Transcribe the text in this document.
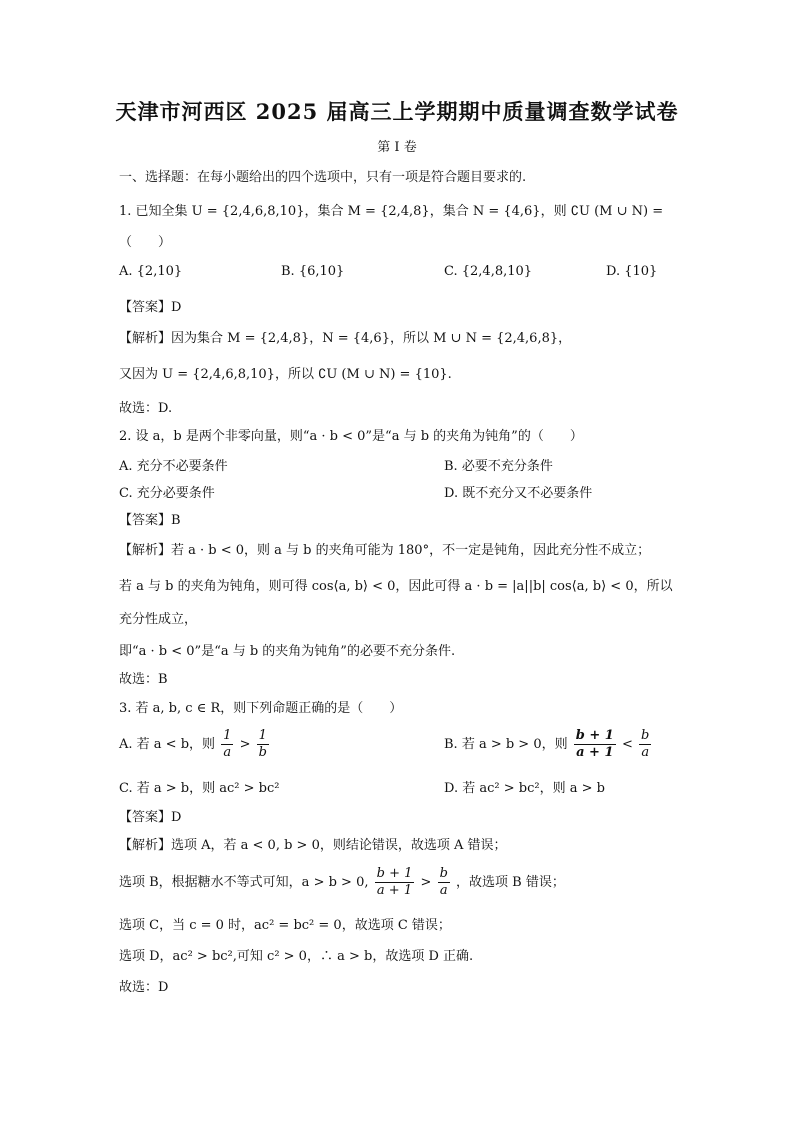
天津市河西区 2025 届高三上学期期中质量调查数学试卷
第 I 卷
一、选择题：在每小题给出的四个选项中，只有一项是符合题目要求的.
1. 已知全集 U = {2,4,6,8,10}，集合 M = {2,4,8}，集合 N = {4,6}，则 ∁U (M ∪ N) =
（　　）
A. {2,10}	B. {6,10}	C. {2,4,8,10}	D. {10}
【答案】D
【解析】因为集合 M = {2,4,8}，N = {4,6}，所以 M ∪ N = {2,4,6,8}，
又因为 U = {2,4,6,8,10}，所以 ∁U (M ∪ N) = {10}.
故选：D.
2. 设 a，b 是两个非零向量，则“a · b < 0”是“a 与 b 的夹角为钝角”的（　　）
A. 充分不必要条件	B. 必要不充分条件
C. 充分必要条件	D. 既不充分又不必要条件
【答案】B
【解析】若 a · b < 0，则 a 与 b 的夹角可能为 180°，不一定是钝角，因此充分性不成立；
若 a 与 b 的夹角为钝角，则可得 cos⟨a, b⟩ < 0，因此可得 a · b = |a||b| cos⟨a, b⟩ < 0，所以
充分性成立，
即“a · b < 0”是“a 与 b 的夹角为钝角”的必要不充分条件.
故选：B
3. 若 a, b, c ∈ R，则下列命题正确的是（　　）
A. 若 a < b，则 $\frac{1}{a} > \frac{1}{b}$	B. 若 a > b > 0，则 $\frac{b + 1}{a + 1} < \frac{b}{a}$
C. 若 a > b，则 ac² > bc²	D. 若 ac² > bc²，则 a > b
【答案】D
【解析】选项 A，若 a < 0, b > 0，则结论错误，故选项 A 错误；
选项 B，根据糖水不等式可知，a > b > 0, $\frac{b + 1}{a + 1} > \frac{b}{a}$ ，故选项 B 错误；
选项 C，当 c = 0 时，ac² = bc² = 0，故选项 C 错误；
选项 D，ac² > bc²,可知 c² > 0，∴ a > b，故选项 D 正确.
故选：D
